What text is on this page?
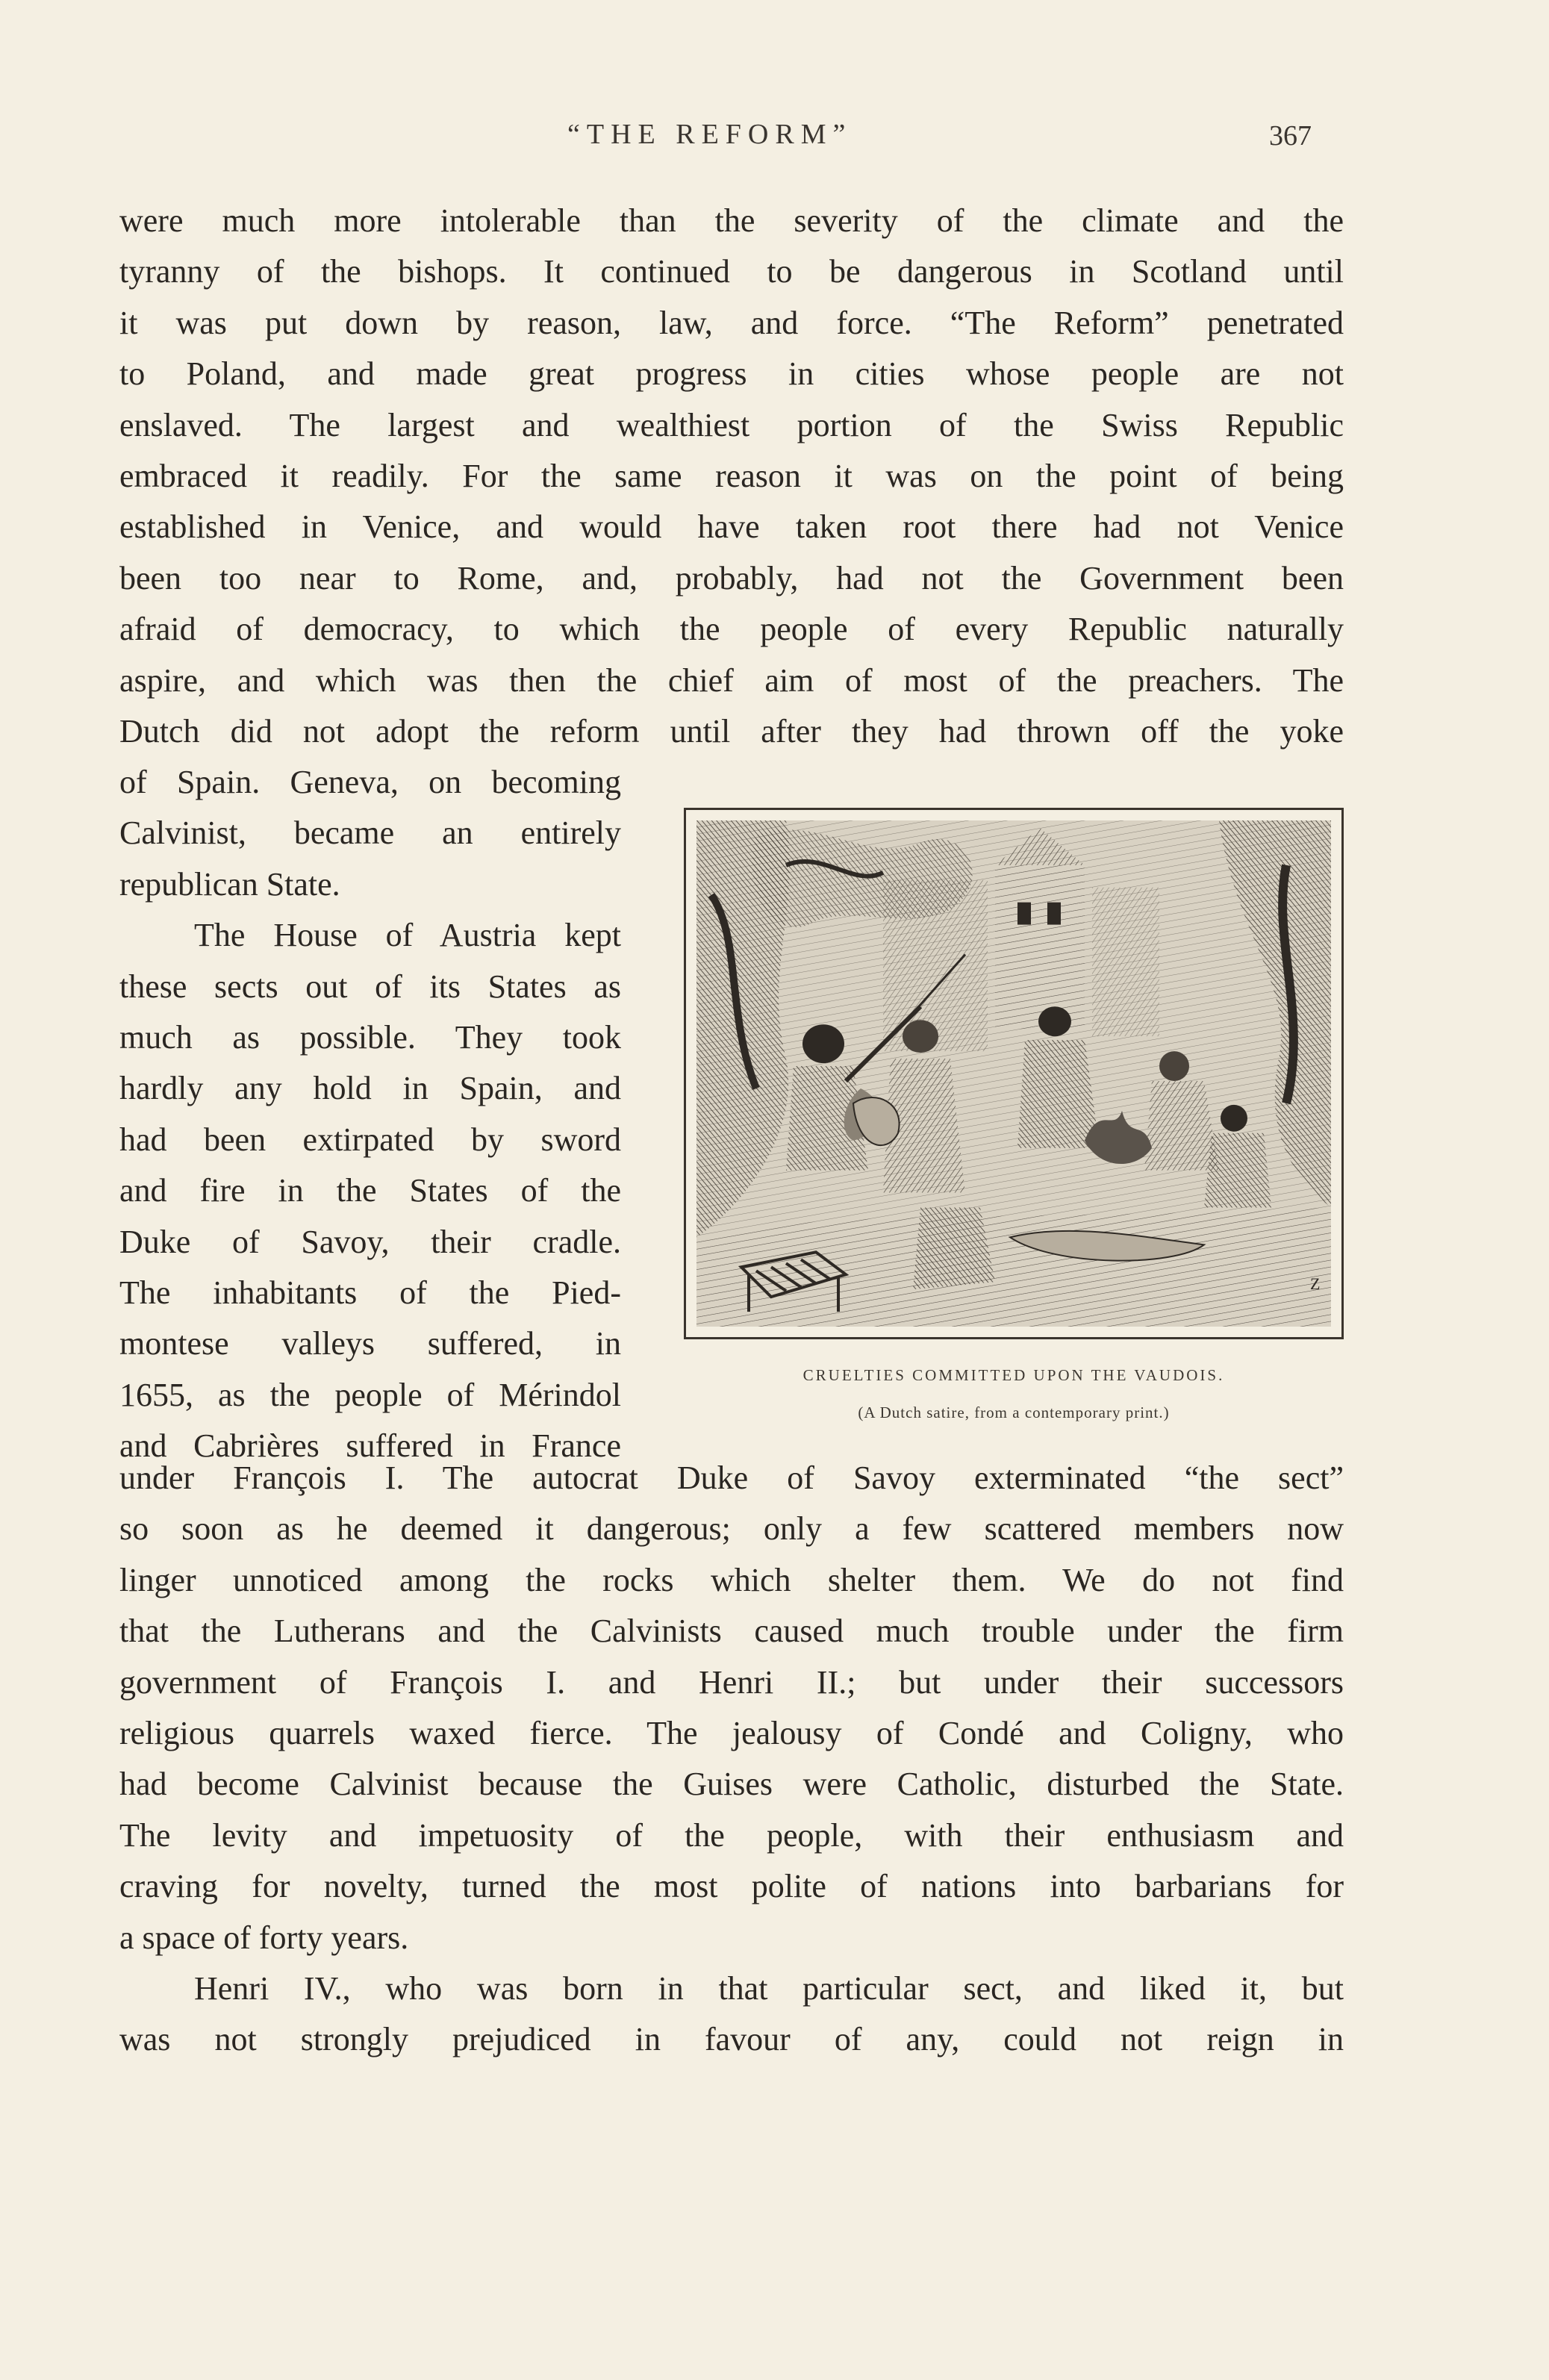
“THE REFORM”	367
were much more intolerable than the severity of the climate and the
tyranny of the bishops. It continued to be dangerous in Scotland until
it was put down by reason, law, and force. “The Reform” penetrated
to Poland, and made great progress in cities whose people are not
enslaved. The largest and wealthiest portion of the Swiss Republic
embraced it readily. For the same reason it was on the point of being
established in Venice, and would have taken root there had not Venice
been too near to Rome, and, probably, had not the Government been
afraid of democracy, to which the people of every Republic naturally
aspire, and which was then the chief aim of most of the preachers. The
Dutch did not adopt the reform until after they had thrown off the yoke
of Spain. Geneva, on becoming
Calvinist, became an entirely
republican State.
The House of Austria kept
these sects out of its States as
much as possible. They took
hardly any hold in Spain, and
had been extirpated by sword
and fire in the States of the
Duke of Savoy, their cradle.
The inhabitants of the Pied-
montese valleys suffered, in
1655, as the people of Mérindol
and Cabrières suffered in France
Z
CRUELTIES COMMITTED UPON THE VAUDOIS.
(A Dutch satire, from a contemporary print.)
under François I. The autocrat Duke of Savoy exterminated “the sect”
so soon as he deemed it dangerous; only a few scattered members now
linger unnoticed among the rocks which shelter them. We do not find
that the Lutherans and the Calvinists caused much trouble under the firm
government of François I. and Henri II.; but under their successors
religious quarrels waxed fierce. The jealousy of Condé and Coligny, who
had become Calvinist because the Guises were Catholic, disturbed the State.
The levity and impetuosity of the people, with their enthusiasm and
craving for novelty, turned the most polite of nations into barbarians for
a space of forty years.
Henri IV., who was born in that particular sect, and liked it, but
was not strongly prejudiced in favour of any, could not reign in
